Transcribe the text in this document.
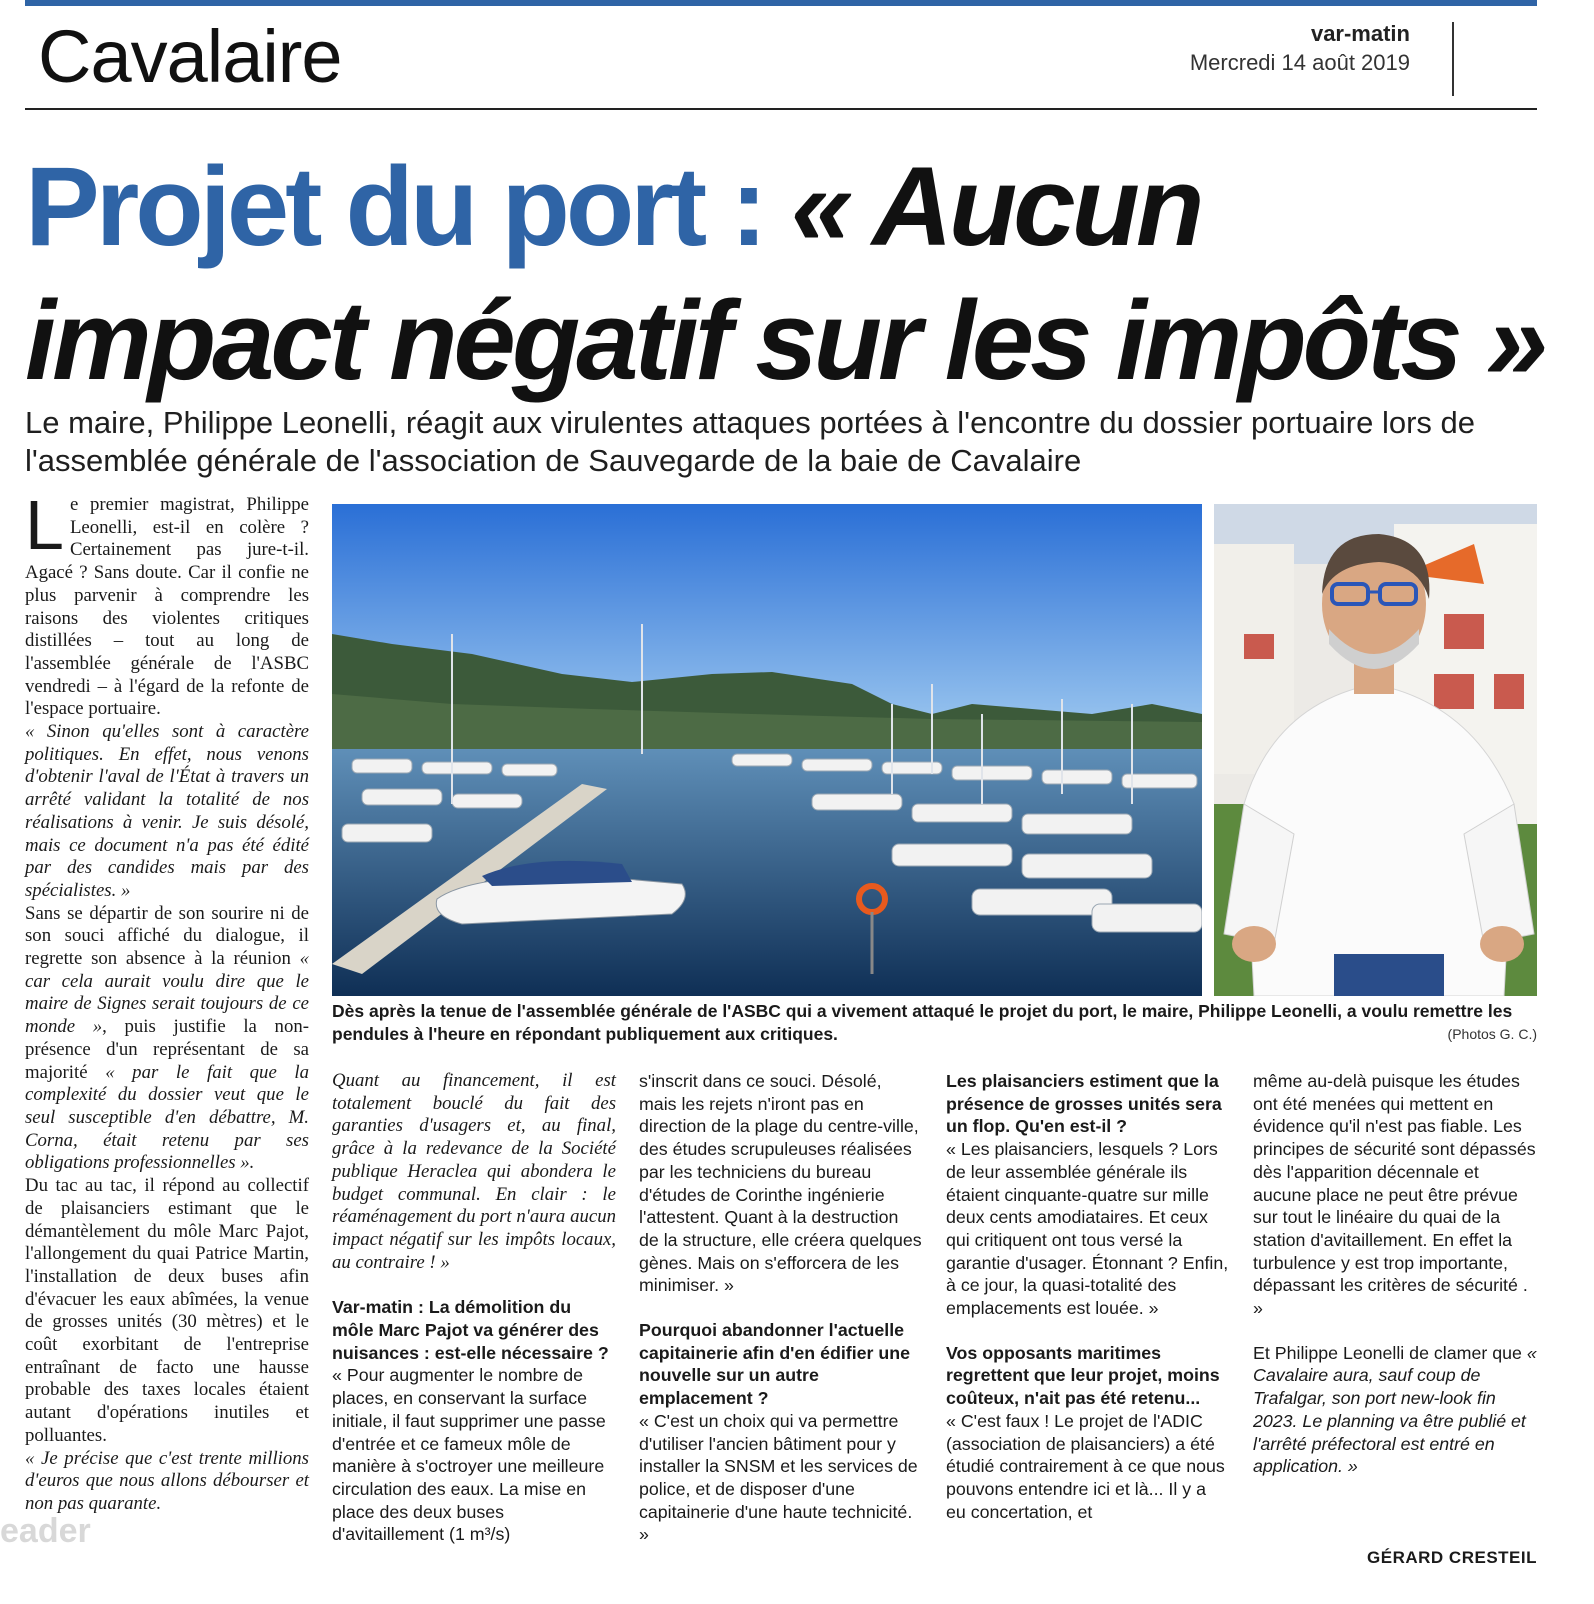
Cavalaire	var-matin
Mercredi 14 août 2019
Projet du port : « Aucun impact négatif sur les impôts »
Le maire, Philippe Leonelli, réagit aux virulentes attaques portées à l'encontre du dossier portuaire lors de l'assemblée générale de l'association de Sauvegarde de la baie de Cavalaire

Le premier magistrat, Philippe Leonelli, est-il en colère ? Certainement pas jure-t-il. Agacé ? Sans doute. Car il confie ne plus parvenir à comprendre les raisons des violentes critiques distillées – tout au long de l'assemblée générale de l'ASBC vendredi – à l'égard de la refonte de l'espace portuaire.

« Sinon qu'elles sont à caractère politiques. En effet, nous venons d'obtenir l'aval de l'État à travers un arrêté validant la totalité de nos réalisations à venir. Je suis désolé, mais ce document n'a pas été édité par des candides mais par des spécialistes. »

Sans se départir de son sourire ni de son souci affiché du dialogue, il regrette son absence à la réunion « car cela aurait voulu dire que le maire de Signes serait toujours de ce monde », puis justifie la non-présence d'un représentant de sa majorité « par le fait que la complexité du dossier veut que le seul susceptible d'en débattre, M. Corna, était retenu par ses obligations professionnelles ».

Du tac au tac, il répond au collectif de plaisanciers estimant que le démantèlement du môle Marc Pajot, l'allongement du quai Patrice Martin, l'installation de deux buses afin d'évacuer les eaux abîmées, la venue de grosses unités (30 mètres) et le coût exorbitant de l'entreprise entraînant de facto une hausse probable des taxes locales étaient autant d'opérations inutiles et polluantes.

« Je précise que c'est trente millions d'euros que nous allons débourser et non pas quarante.

Dès après la tenue de l'assemblée générale de l'ASBC qui a vivement attaqué le projet du port, le maire, Philippe Leonelli, a voulu remettre les pendules à l'heure en répondant publiquement aux critiques.	(Photos G. C.)

Quant au financement, il est totalement bouclé du fait des garanties d'usagers et, au final, grâce à la redevance de la Société publique Heraclea qui abondera le budget communal. En clair : le réaménagement du port n'aura aucun impact négatif sur les impôts locaux, au contraire ! »

Var-matin : La démolition du môle Marc Pajot va générer des nuisances : est-elle nécessaire ?

« Pour augmenter le nombre de places, en conservant la surface initiale, il faut supprimer une passe d'entrée et ce fameux môle de manière à s'octroyer une meilleure circulation des eaux. La mise en place des deux buses d'avitaillement (1 m³/s)

s'inscrit dans ce souci. Désolé, mais les rejets n'iront pas en direction de la plage du centre-ville, des études scrupuleuses réalisées par les techniciens du bureau d'études de Corinthe ingénierie l'attestent. Quant à la destruction de la structure, elle créera quelques gènes. Mais on s'efforcera de les minimiser. »

Pourquoi abandonner l'actuelle capitainerie afin d'en édifier une nouvelle sur un autre emplacement ?

« C'est un choix qui va permettre d'utiliser l'ancien bâtiment pour y installer la SNSM et les services de police, et de disposer d'une capitainerie d'une haute technicité. »

Les plaisanciers estiment que la présence de grosses unités sera un flop. Qu'en est-il ?

« Les plaisanciers, lesquels ? Lors de leur assemblée générale ils étaient cinquante-quatre sur mille deux cents amodiataires. Et ceux qui critiquent ont tous versé la garantie d'usager. Étonnant ? Enfin, à ce jour, la quasi-totalité des emplacements est louée. »

Vos opposants maritimes regrettent que leur projet, moins coûteux, n'ait pas été retenu...

« C'est faux ! Le projet de l'ADIC (association de plaisanciers) a été étudié contrairement à ce que nous pouvons entendre ici et là... Il y a eu concertation, et

même au-delà puisque les études ont été menées qui mettent en évidence qu'il n'est pas fiable. Les principes de sécurité sont dépassés dès l'apparition décennale et aucune place ne peut être prévue sur tout le linéaire du quai de la station d'avitaillement. En effet la turbulence y est trop importante, dépassant les critères de sécurité . »

Et Philippe Leonelli de clamer que « Cavalaire aura, sauf coup de Trafalgar, son port new-look fin 2023. Le planning va être publié et l'arrêté préfectoral est entré en application. »

GÉRARD CRESTEIL
eader
